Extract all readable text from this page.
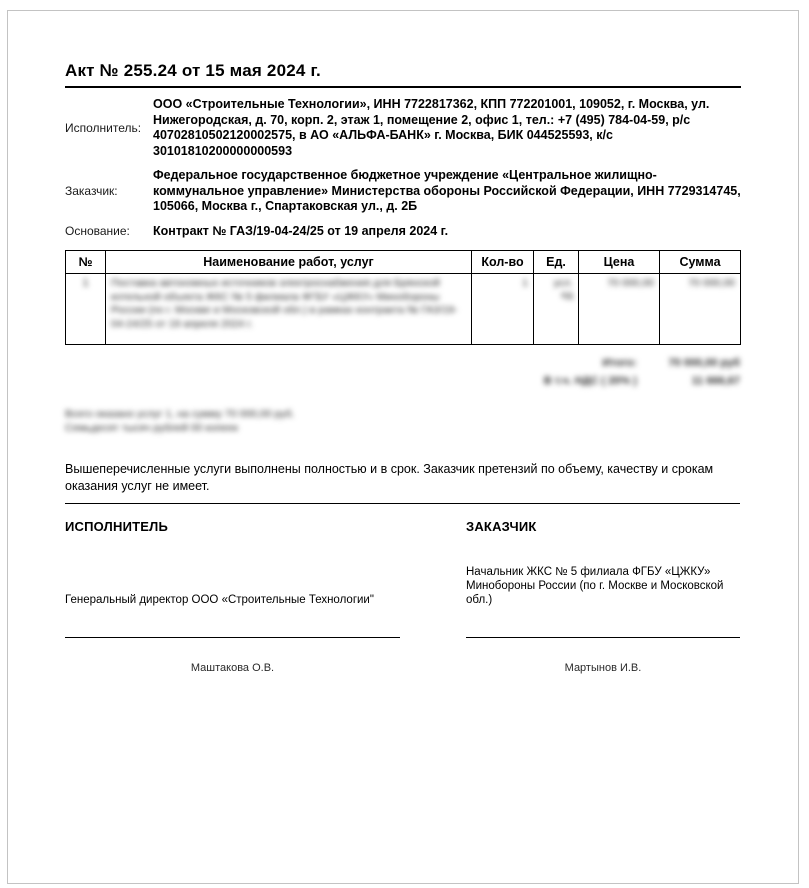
Акт № 255.24 от 15 мая 2024 г.
Исполнитель:
ООО «Строительные Технологии», ИНН 7722817362, КПП 772201001, 109052, г. Москва, ул. Нижегородская, д. 70, корп. 2, этаж 1, помещение 2, офис 1, тел.: +7 (495) 784-04-59, р/с 40702810502120002575, в АО «АЛЬФА-БАНК» г. Москва, БИК 044525593, к/с 30101810200000000593
Заказчик:
Федеральное государственное бюджетное учреждение «Центральное жилищно-коммунальное управление» Министерства обороны Российской Федерации, ИНН 7729314745, 105066, Москва г., Спартаковская ул., д. 2Б
Основание:	Контракт № ГАЗ/19-04-24/25 от 19 апреля 2024 г.
№	Наименование работ, услуг	Кол-во	Ед.	Цена	Сумма

1	Поставка автономных источников электроснабжения для Брянской котельной объекта ЖКС № 5 филиала ФГБУ «ЦЖКУ» Минобороны России (по г. Москве и Московской обл.) в рамках контракта № ГАЗ/19-04-24/25 от 19 апреля 2024 г.	1	усл. ед	70 000,00	70 000,00
Итого:	70 000,00 руб
В т.ч. НДС ( 20% )	11 666,67
Всего оказано услуг 1, на сумму 70 000,00 руб.
Семьдесят тысяч рублей 00 копеек

Вышеперечисленные услуги выполнены полностью и в срок. Заказчик претензий по объему, качеству и срокам оказания услуг не имеет.

ИСПОЛНИТЕЛЬ	ЗАКАЗЧИК
Генеральный директор ООО «Строительные Технологии"
Начальник ЖКС № 5 филиала ФГБУ «ЦЖКУ» Минобороны России (по г. Москве и Московской обл.)
Маштакова О.В.	Мартынов И.В.
